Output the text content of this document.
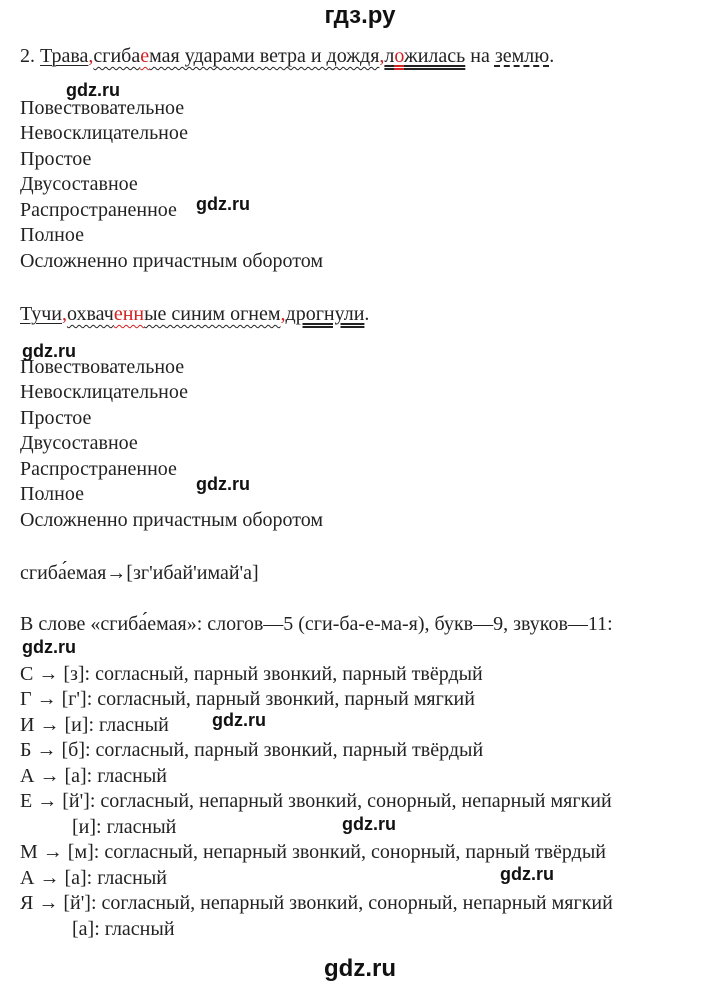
гдз.ру
2. Трава,сгибаемая ударами ветра и дождя,ложилась на землю.
gdz.ru
Повествовательное
Невосклицательное
Простое
Двусоставное
Распространенное gdz.ru
Полное
Осложненно причастным оборотом
Тучи,охваченные синим огнем,дрогнули.
gdz.ru
Повествовательное
Невосклицательное
Простое
Двусоставное
Распространенное
gdz.ru
Полное
Осложненно причастным оборотом
сгиба́емая→[зг'ибай'имай'а]
В слове «сгиба́емая»: слогов—5 (сги-ба-е-ма-я), букв—9, звуков—11:
gdz.ru
С → [з]: согласный, парный звонкий, парный твёрдый
Г → [г']: согласный, парный звонкий, парный мягкий
И → [и]: гласный gdz.ru
Б → [б]: согласный, парный звонкий, парный твёрдый
А → [а]: гласный
Е → [й']: согласный, непарный звонкий, сонорный, непарный мягкий
[и]: гласный	gdz.ru
М → [м]: согласный, непарный звонкий, сонорный, парный твёрдый
А → [а]: гласный	gdz.ru
Я → [й']: согласный, непарный звонкий, сонорный, непарный мягкий
[а]: гласный
gdz.ru
